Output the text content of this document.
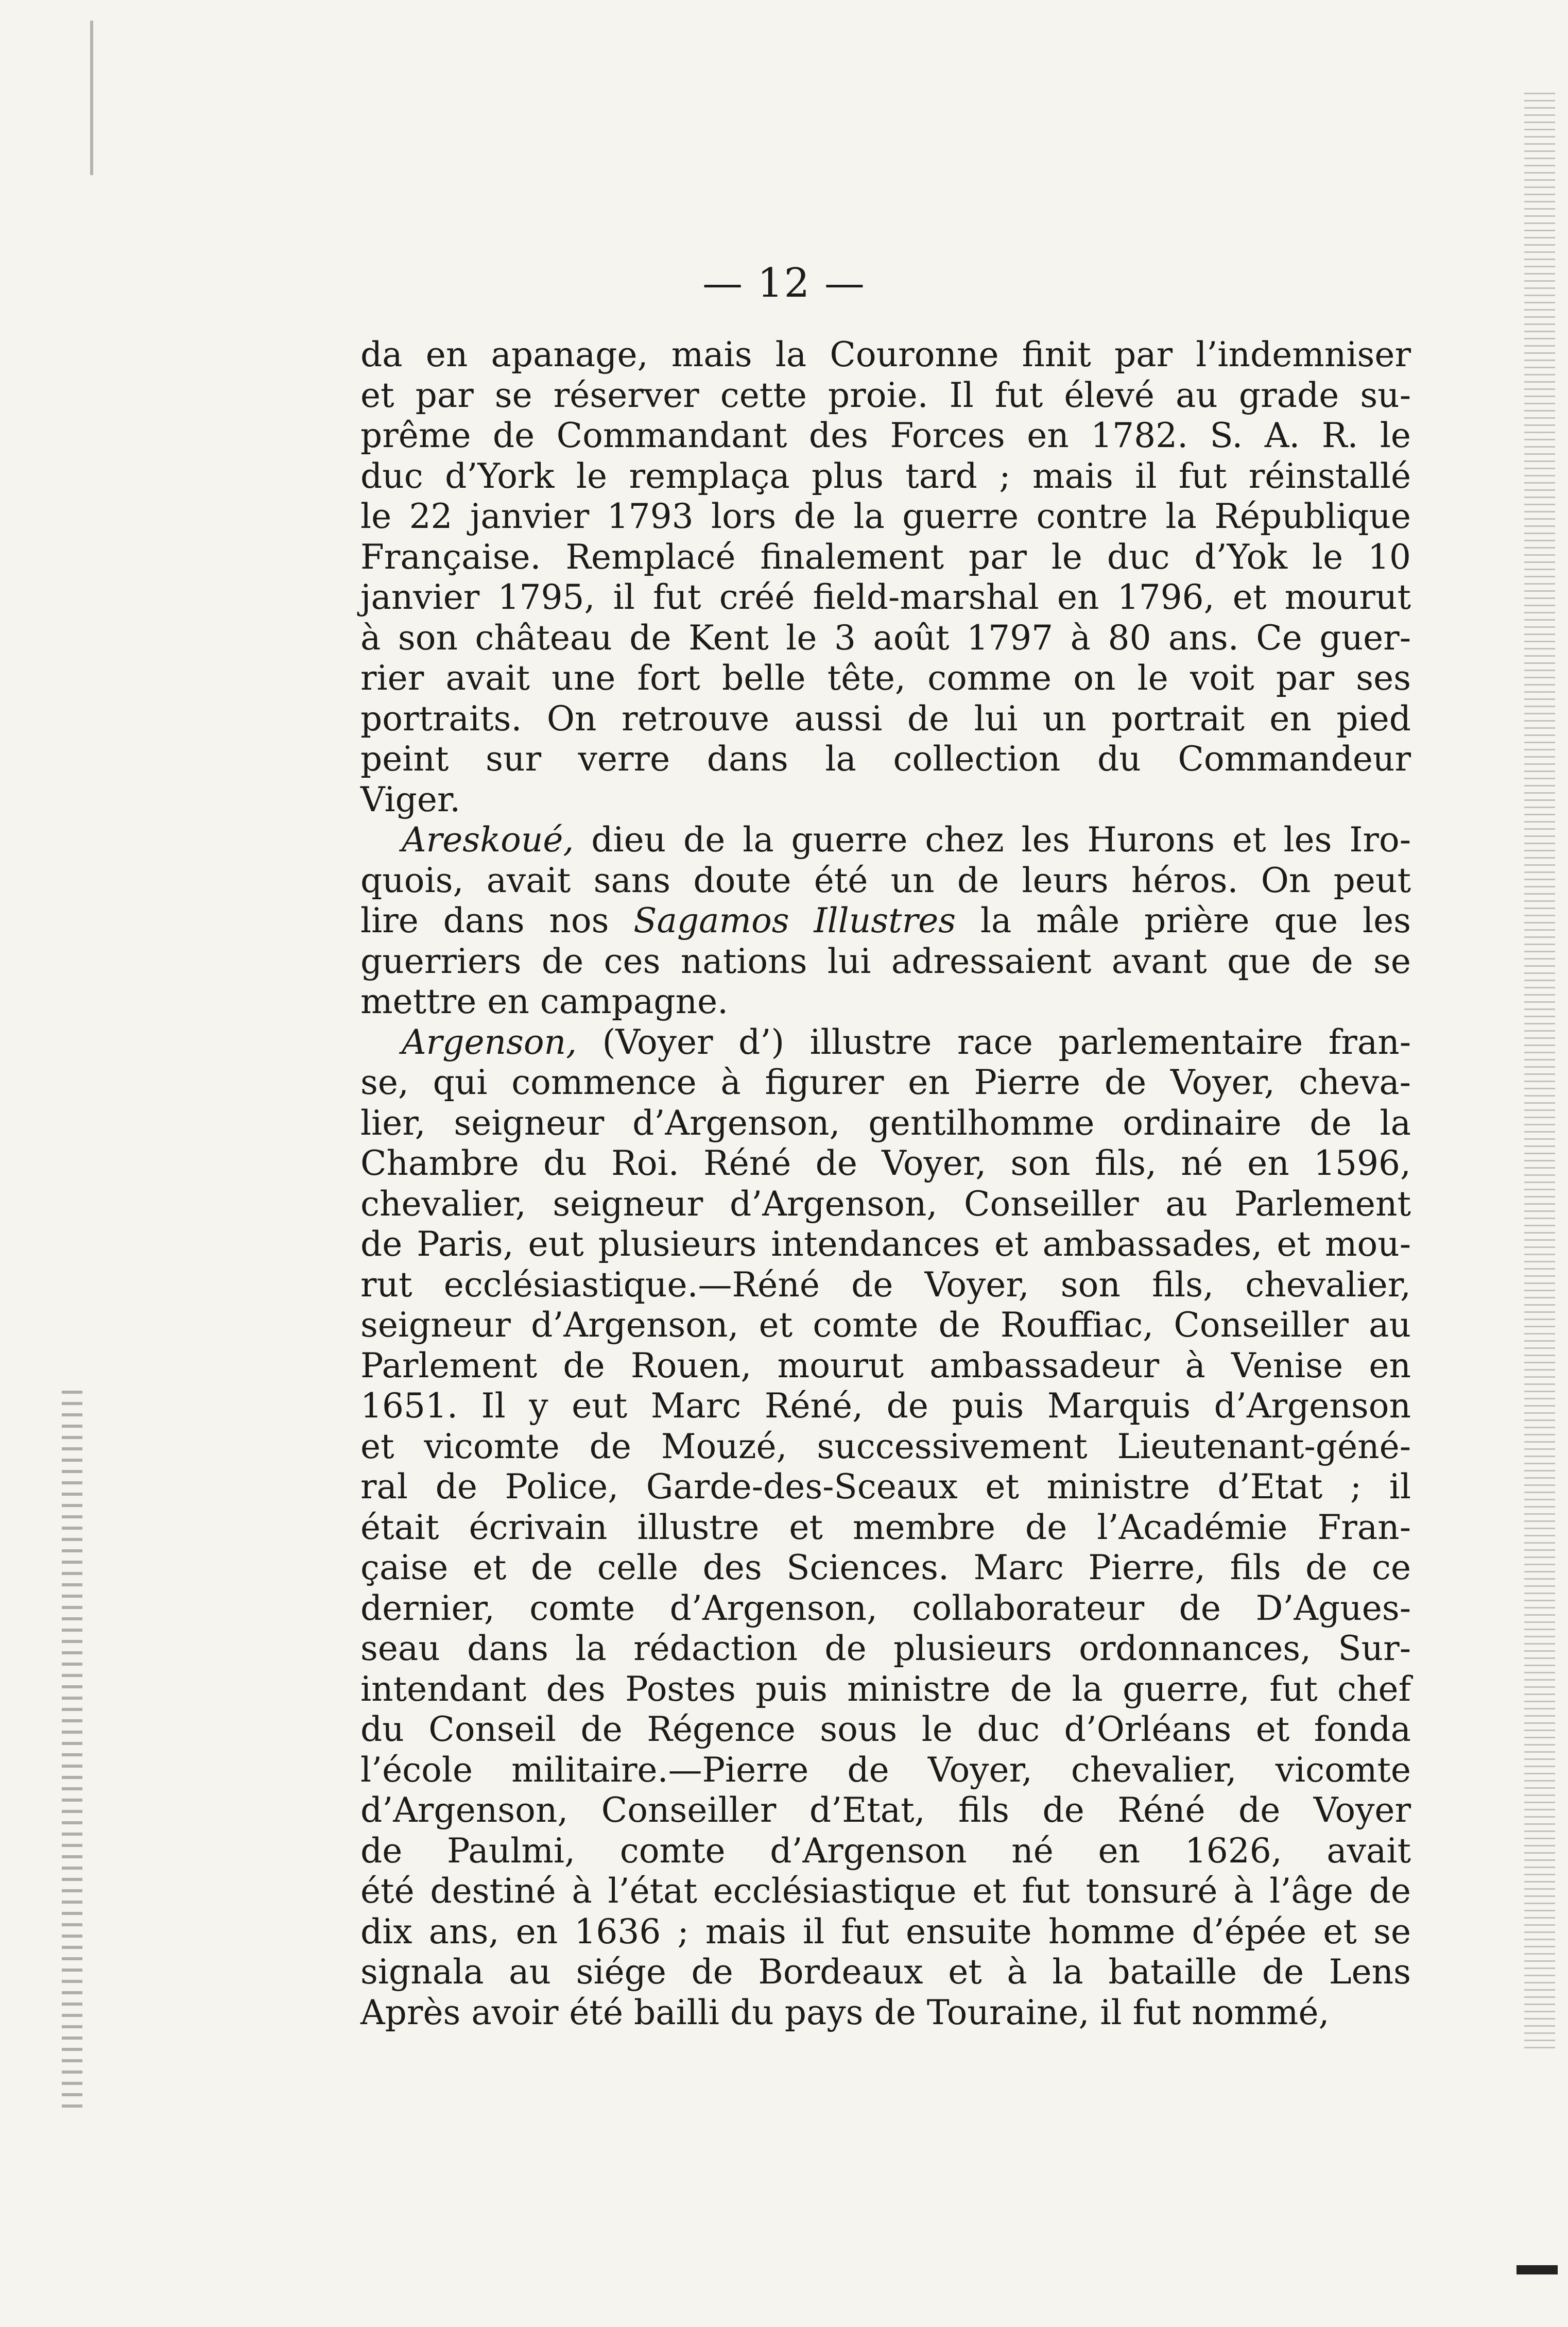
— 12 —
da en apanage, mais la Couronne finit par l’indemniser
et par se réserver cette proie. Il fut élevé au grade su-
prême de Commandant des Forces en 1782. S. A. R. le
duc d’York le remplaça plus tard ; mais il fut réinstallé
le 22 janvier 1793 lors de la guerre contre la République
Française. Remplacé finalement par le duc d’Yok le 10
janvier 1795, il fut créé field-marshal en 1796, et mourut
à son château de Kent le 3 août 1797 à 80 ans. Ce guer-
rier avait une fort belle tête, comme on le voit par ses
portraits. On retrouve aussi de lui un portrait en pied
peint sur verre dans la collection du Commandeur
Viger.
Areskoué, dieu de la guerre chez les Hurons et les Iro-
quois, avait sans doute été un de leurs héros. On peut
lire dans nos Sagamos Illustres la mâle prière que les
guerriers de ces nations lui adressaient avant que de se
mettre en campagne.
Argenson, (Voyer d’) illustre race parlementaire fran-
se, qui commence à figurer en Pierre de Voyer, cheva-
lier, seigneur d’Argenson, gentilhomme ordinaire de la
Chambre du Roi. Réné de Voyer, son fils, né en 1596,
chevalier, seigneur d’Argenson, Conseiller au Parlement
de Paris, eut plusieurs intendances et ambassades, et mou-
rut ecclésiastique.—Réné de Voyer, son fils, chevalier,
seigneur d’Argenson, et comte de Rouffiac, Conseiller au
Parlement de Rouen, mourut ambassadeur à Venise en
1651. Il y eut Marc Réné, de puis Marquis d’Argenson
et vicomte de Mouzé, successivement Lieutenant-géné-
ral de Police, Garde-des-Sceaux et ministre d’Etat ; il
était écrivain illustre et membre de l’Académie Fran-
çaise et de celle des Sciences. Marc Pierre, fils de ce
dernier, comte d’Argenson, collaborateur de D’Agues-
seau dans la rédaction de plusieurs ordonnances, Sur-
intendant des Postes puis ministre de la guerre, fut chef
du Conseil de Régence sous le duc d’Orléans et fonda
l’école militaire.—Pierre de Voyer, chevalier, vicomte
d’Argenson, Conseiller d’Etat, fils de Réné de Voyer
de Paulmi, comte d’Argenson né en 1626, avait
été destiné à l’état ecclésiastique et fut tonsuré à l’âge de
dix ans, en 1636 ; mais il fut ensuite homme d’épée et se
signala au siége de Bordeaux et à la bataille de Lens
Après avoir été bailli du pays de Touraine, il fut nommé,
